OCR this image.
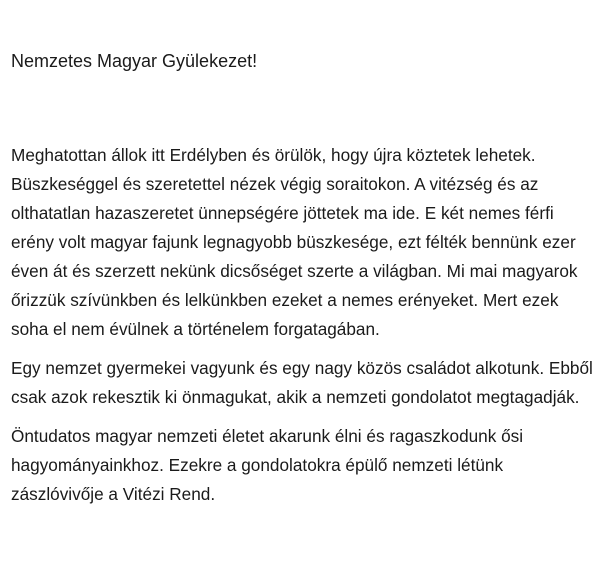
Nemzetes Magyar Gyülekezet!

Meghatottan állok itt Erdélyben és örülök, hogy újra köztetek lehetek. Büszkeséggel és szeretettel nézek végig soraitokon. A vitézség és az olthatatlan hazaszeretet ünnepségére jöttetek ma ide. E két nemes férfi erény volt magyar fajunk legnagyobb büszkesége, ezt félték bennünk ezer éven át és szerzett nekünk dicsőséget szerte a világban. Mi mai magyarok őrizzük szívünkben és lelkünkben ezeket a nemes erényeket. Mert ezek soha el nem évülnek a történelem forgatagában.

Egy nemzet gyermekei vagyunk és egy nagy közös családot alkotunk. Ebből csak azok rekesztik ki önmagukat, akik a nemzeti gondolatot megtagadják.

Öntudatos magyar nemzeti életet akarunk élni és ragaszkodunk ősi hagyományainkhoz. Ezekre a gondolatokra épülő nemzeti létünk zászlóvivője a Vitézi Rend.
